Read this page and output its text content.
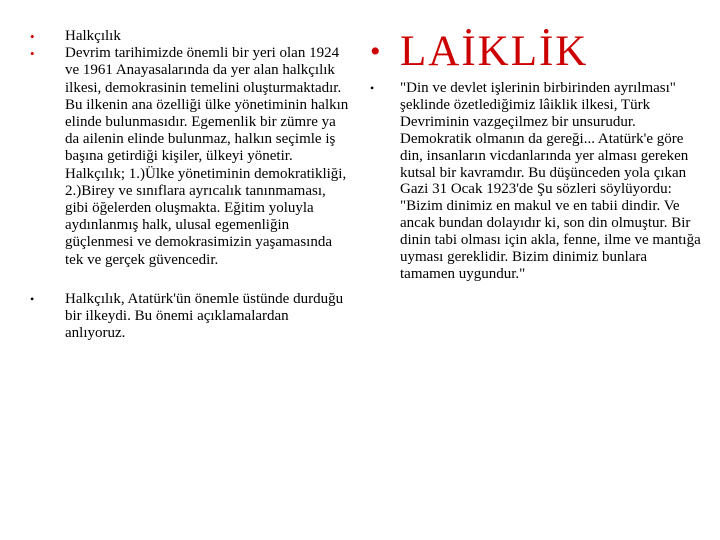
• Halkçılık
• Devrim tarihimizde önemli bir yeri olan 1924 ve 1961 Anayasalarında da yer alan halkçılık ilkesi, demokrasinin temelini oluşturmaktadır. Bu ilkenin ana özelliği ülke yönetiminin halkın elinde bulunmasıdır. Egemenlik bir zümre ya da ailenin elinde bulunmaz, halkın seçimle iş başına getirdiği kişiler, ülkeyi yönetir. Halkçılık; 1.)Ülke yönetiminin demokratikliği, 2.)Birey ve sınıflara ayrıcalık tanınmaması, gibi öğelerden oluşmakta. Eğitim yoluyla aydınlanmış halk, ulusal egemenliğin güçlenmesi ve demokrasimizin yaşamasında tek ve gerçek güvencedir.
• Halkçılık, Atatürk'ün önemle üstünde durduğu bir ilkeydi. Bu önemi açıklamalardan anlıyoruz.
• LAİKLİK
• "Din ve devlet işlerinin birbirinden ayrılması" şeklinde özetlediğimiz lâiklik ilkesi, Türk Devriminin vazgeçilmez bir unsurudur. Demokratik olmanın da gereği... Atatürk'e göre din, insanların vicdanlarında yer alması gereken kutsal bir kavramdır. Bu düşünceden yola çıkan Gazi 31 Ocak 1923'de Şu sözleri söylüyordu: "Bizim dinimiz en makul ve en tabii dindir. Ve ancak bundan dolayıdır ki, son din olmuştur. Bir dinin tabi olması için akla, fenne, ilme ve mantığa uyması gereklidir. Bizim dinimiz bunlara tamamen uygundur."
